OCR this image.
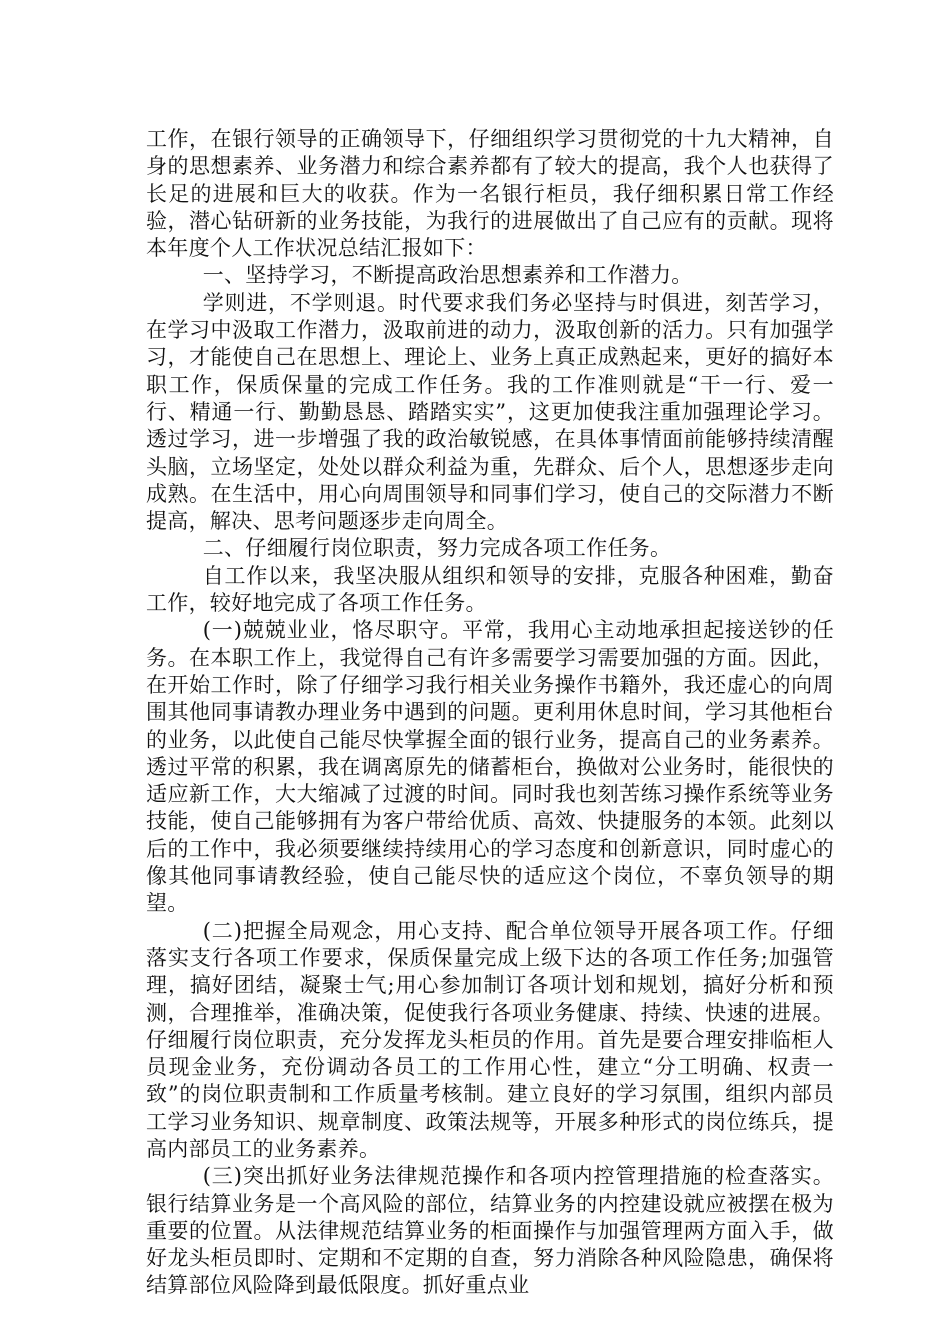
工作，在银行领导的正确领导下，仔细组织学习贯彻党的十九大精神，自身的思想素养、业务潜力和综合素养都有了较大的提高，我个人也获得了长足的进展和巨大的收获。作为一名银行柜员，我仔细积累日常工作经验，潜心钻研新的业务技能，为我行的进展做出了自己应有的贡献。现将本年度个人工作状况总结汇报如下：

一、坚持学习，不断提高政治思想素养和工作潜力。

学则进，不学则退。时代要求我们务必坚持与时俱进，刻苦学习，在学习中汲取工作潜力，汲取前进的动力，汲取创新的活力。只有加强学习，才能使自己在思想上、理论上、业务上真正成熟起来，更好的搞好本职工作，保质保量的完成工作任务。我的工作准则就是“干一行、爱一行、精通一行、勤勤恳恳、踏踏实实”，这更加使我注重加强理论学习。透过学习，进一步增强了我的政治敏锐感，在具体事情面前能够持续清醒头脑，立场坚定，处处以群众利益为重，先群众、后个人，思想逐步走向成熟。在生活中，用心向周围领导和同事们学习，使自己的交际潜力不断提高，解决、思考问题逐步走向周全。

二、仔细履行岗位职责，努力完成各项工作任务。

自工作以来，我坚决服从组织和领导的安排，克服各种困难，勤奋工作，较好地完成了各项工作任务。

(一)兢兢业业，恪尽职守。平常，我用心主动地承担起接送钞的任务。在本职工作上，我觉得自己有许多需要学习需要加强的方面。因此，在开始工作时，除了仔细学习我行相关业务操作书籍外，我还虚心的向周围其他同事请教办理业务中遇到的问题。更利用休息时间，学习其他柜台的业务，以此使自己能尽快掌握全面的银行业务，提高自己的业务素养。透过平常的积累，我在调离原先的储蓄柜台，换做对公业务时，能很快的适应新工作，大大缩减了过渡的时间。同时我也刻苦练习操作系统等业务技能，使自己能够拥有为客户带给优质、高效、快捷服务的本领。此刻以后的工作中，我必须要继续持续用心的学习态度和创新意识，同时虚心的像其他同事请教经验，使自己能尽快的适应这个岗位，不辜负领导的期望。

(二)把握全局观念，用心支持、配合单位领导开展各项工作。仔细落实支行各项工作要求，保质保量完成上级下达的各项工作任务;加强管理，搞好团结，凝聚士气;用心参加制订各项计划和规划，搞好分析和预测，合理推举，准确决策，促使我行各项业务健康、持续、快速的进展。仔细履行岗位职责，充分发挥龙头柜员的作用。首先是要合理安排临柜人员现金业务，充份调动各员工的工作用心性，建立“分工明确、权责一致”的岗位职责制和工作质量考核制。建立良好的学习氛围，组织内部员工学习业务知识、规章制度、政策法规等，开展多种形式的岗位练兵，提高内部员工的业务素养。

(三)突出抓好业务法律规范操作和各项内控管理措施的检查落实。银行结算业务是一个高风险的部位，结算业务的内控建设就应被摆在极为重要的位置。从法律规范结算业务的柜面操作与加强管理两方面入手，做好龙头柜员即时、定期和不定期的自查，努力消除各种风险隐患，确保将结算部位风险降到最低限度。抓好重点业
